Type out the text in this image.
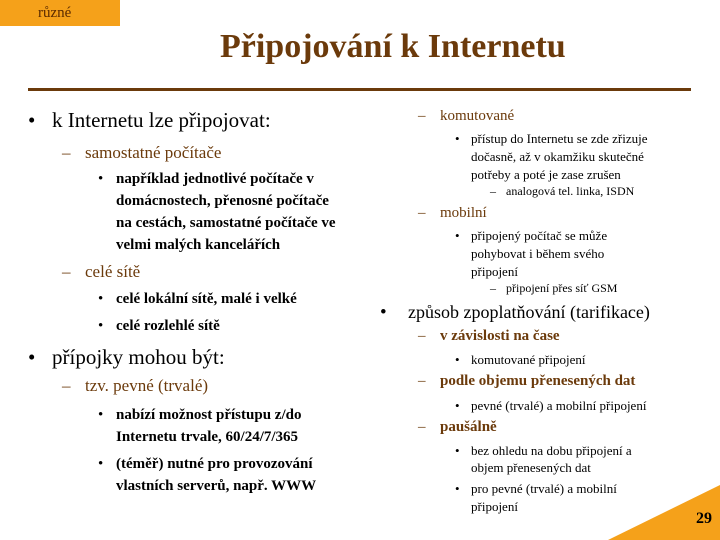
různé
Připojování k Internetu
• k Internetu lze připojovat:
– samostatné počítače
• například jednotlivé počítače v
domácnostech, přenosné počítače
na cestách, samostatné počítače ve
velmi malých kancelářích
– celé sítě
• celé lokální sítě, malé i velké
• celé rozlehlé sítě
• přípojky mohou být:
– tzv. pevné (trvalé)
• nabízí možnost přístupu z/do
Internetu trvale, 60/24/7/365
• (téměř) nutné pro provozování
vlastních serverů, např. WWW
– komutované
• přístup do Internetu se zde zřizuje
dočasně, až v okamžiku skutečné
potřeby a poté je zase zrušen
– analogová tel. linka, ISDN
– mobilní
• připojený počítač se může
pohybovat i během svého
připojení
– připojení přes síť GSM
• způsob zpoplatňování (tarifikace)
– v závislosti na čase
• komutované připojení
– podle objemu přenesených dat
• pevné (trvalé) a mobilní připojení
– paušálně
• bez ohledu na dobu připojení a
objem přenesených dat
• pro pevné (trvalé) a mobilní
připojení
29
